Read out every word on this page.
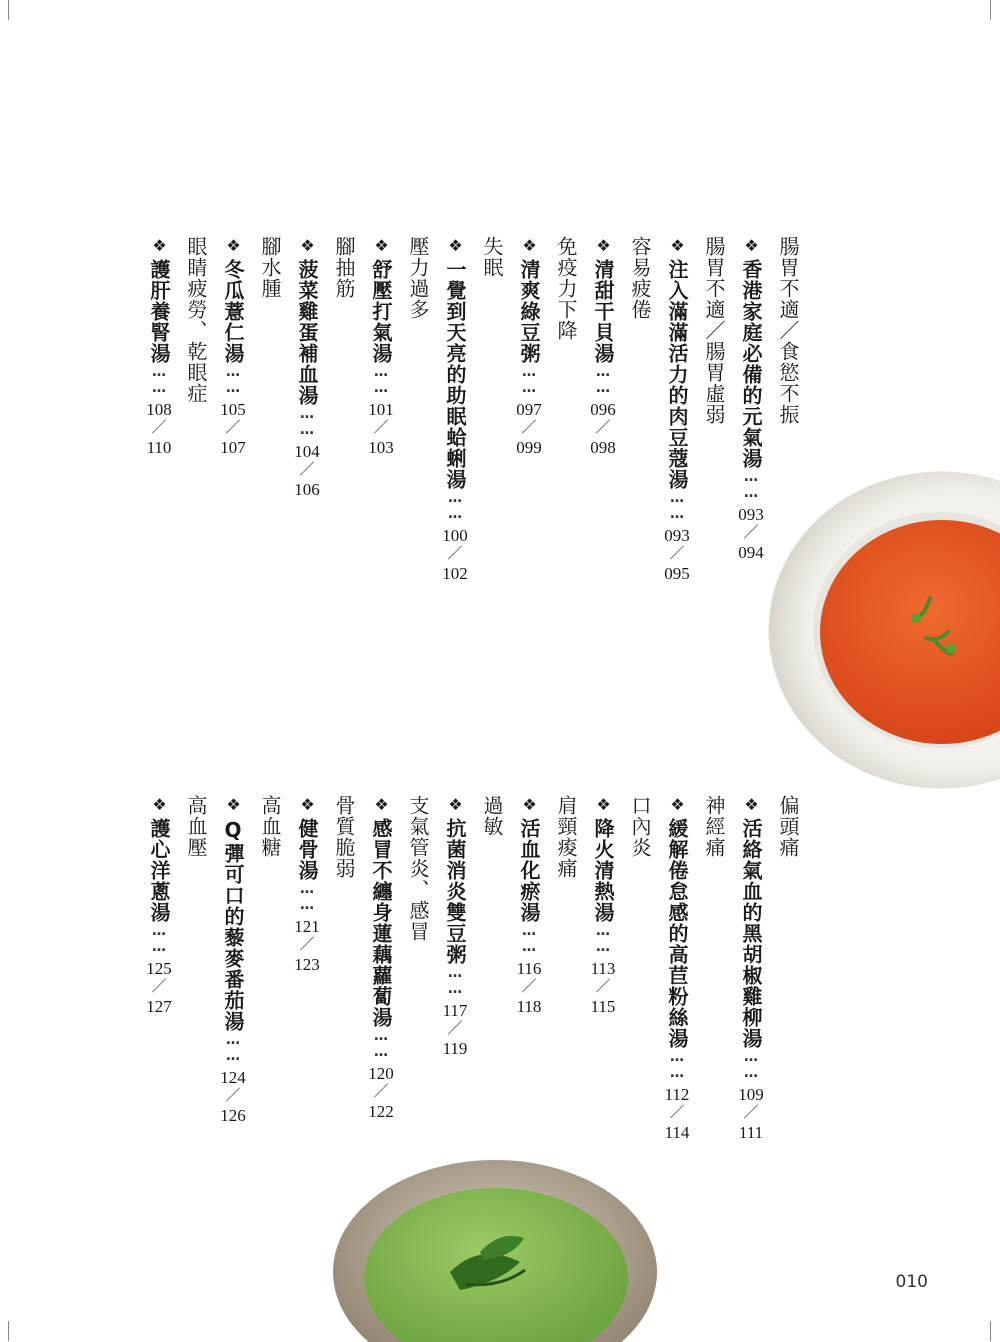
腸胃不適／食慾不振
❖香港家庭必備的元氣湯……
腸胃不適／腸胃虛弱
❖注入滿滿活力的肉豆蔻湯……
容易疲倦
❖清甜干貝湯……
免疫力下降
❖清爽綠豆粥……
失眠
❖一覺到天亮的助眠蛤蜊湯……
壓力過多
❖舒壓打氣湯……
腳抽筋
❖菠菜雞蛋補血湯……
腳水腫
❖冬瓜薏仁湯……
眼睛疲勞、乾眼症
❖護肝養腎湯……
093
／
094
093
／
095
096
／
098
097
／
099
100
／
102
101
／
103
104
／
106
105
／
107
108
／
110
偏頭痛
❖活絡氣血的黑胡椒雞柳湯……
神經痛
❖緩解倦怠感的高苣粉絲湯……
口內炎
❖降火清熱湯……
肩頸痠痛
❖活血化瘀湯……
過敏
❖抗菌消炎雙豆粥……
支氣管炎、感冒
❖感冒不纏身蓮藕蘿蔔湯……
骨質脆弱
❖健骨湯……
高血糖
❖Q彈可口的藜麥番茄湯……
高血壓
❖護心洋蔥湯……
109
／
111
112
／
114
113
／
115
116
／
118
117
／
119
120
／
122
121
／
123
124
／
126
125
／
127
010
